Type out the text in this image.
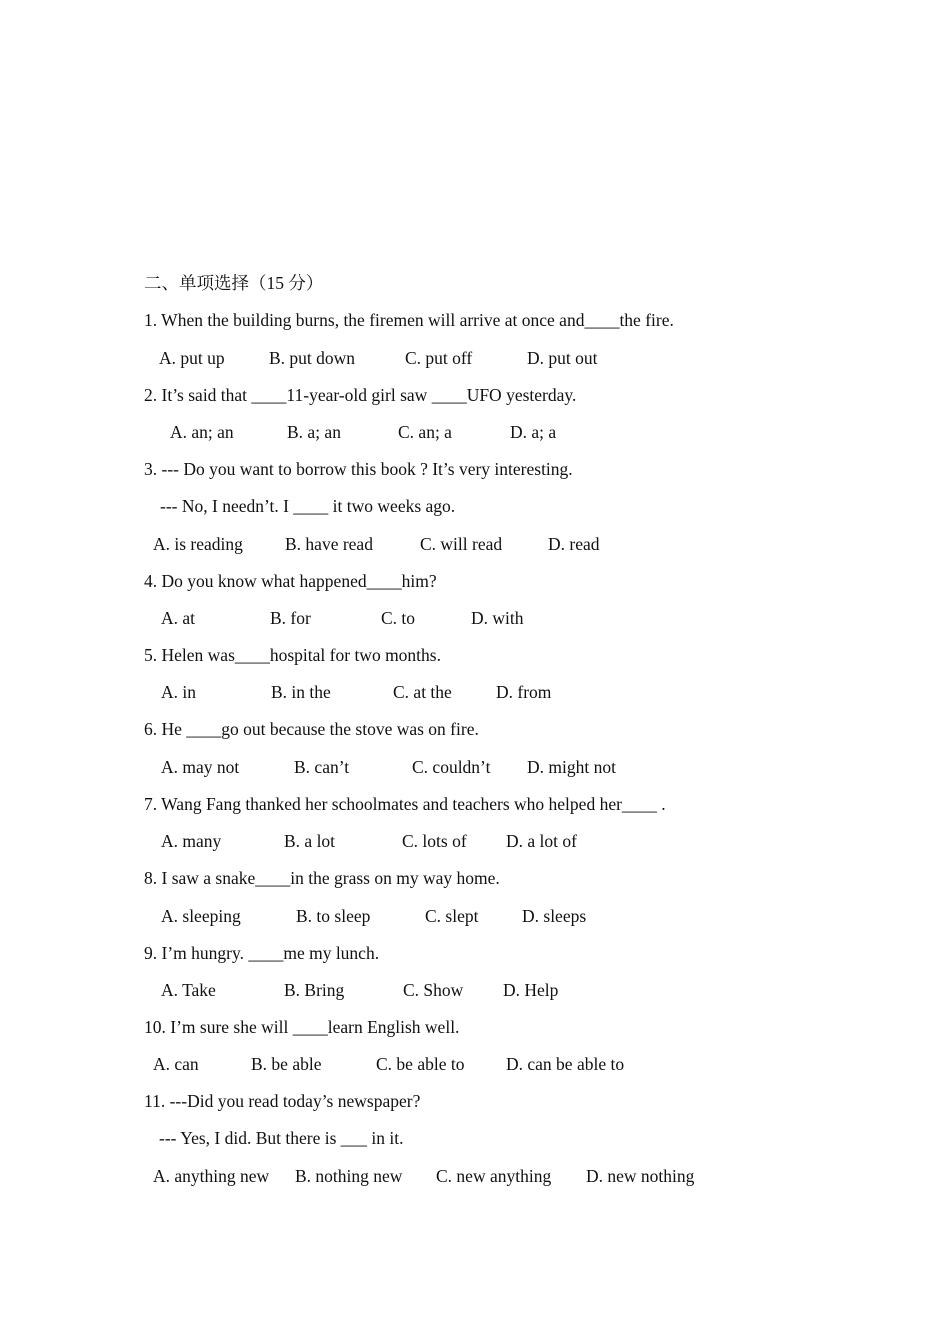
二、单项选择（15 分）
1. When the building burns, the firemen will arrive at once and____the fire.
A. put up	B. put down	C. put off	D. put out
2. It’s said that ____11-year-old girl saw ____UFO yesterday.
A. an; an	B. a; an	C. an; a	D. a; a
3. --- Do you want to borrow this book ? It’s very interesting.
--- No, I needn’t. I ____ it two weeks ago.
A. is reading B. have read	C. will read	D. read
4. Do you know what happened____him?
A. at	B. for	C. to	D. with
5. Helen was____hospital for two months.
A. in	B. in the	C. at the	D. from
6. He ____go out because the stove was on fire.
A. may not	B. can’t	C. couldn’t D. might not
7. Wang Fang thanked her schoolmates and teachers who helped her____ .
A. many	B. a lot	C. lots of D. a lot of
8. I saw a snake____in the grass on my way home.
A. sleeping	B. to sleep	C. slept D. sleeps
9. I’m hungry. ____me my lunch.
A. Take	B. Bring	C. Show D. Help
10. I’m sure she will ____learn English well.
A. can	B. be able	C. be able to D. can be able to
11. ---Did you read today’s newspaper?
--- Yes, I did. But there is ___ in it.
A. anything new B. nothing new C. new anything D. new nothing
